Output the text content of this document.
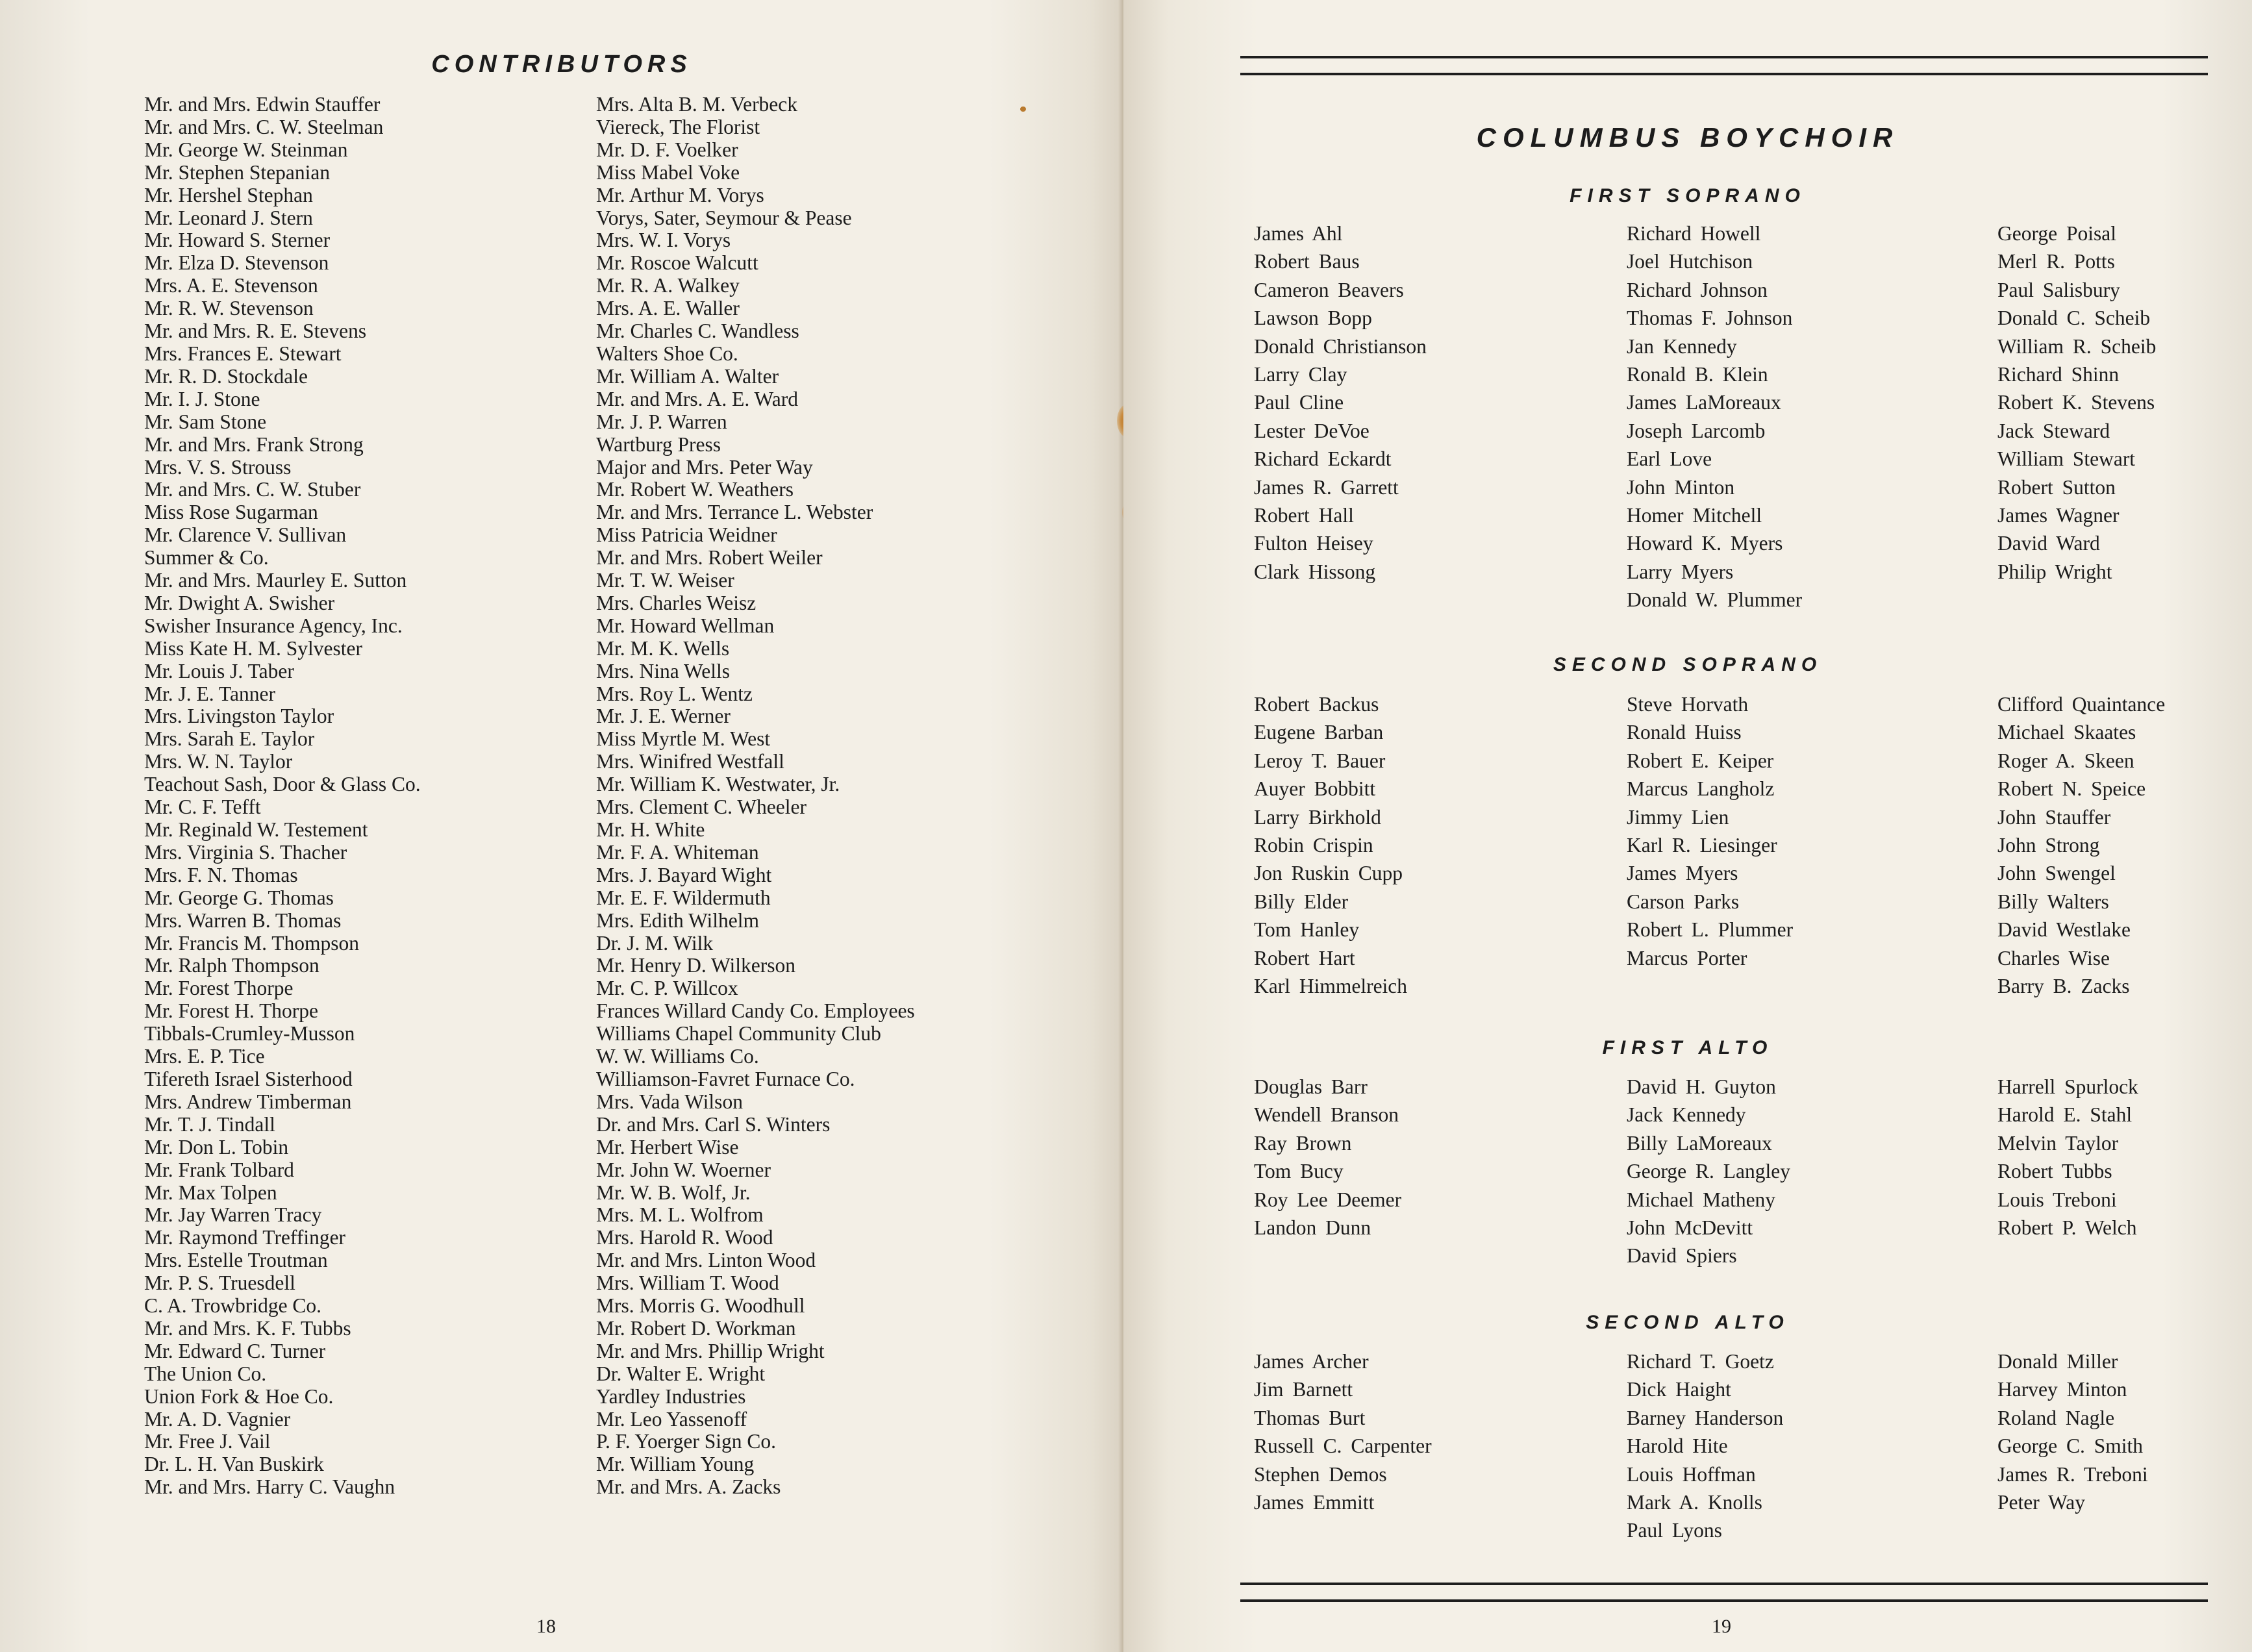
CONTRIBUTORS
Mr. and Mrs. Edwin Stauffer
Mr. and Mrs. C. W. Steelman
Mr. George W. Steinman
Mr. Stephen Stepanian
Mr. Hershel Stephan
Mr. Leonard J. Stern
Mr. Howard S. Sterner
Mr. Elza D. Stevenson
Mrs. A. E. Stevenson
Mr. R. W. Stevenson
Mr. and Mrs. R. E. Stevens
Mrs. Frances E. Stewart
Mr. R. D. Stockdale
Mr. I. J. Stone
Mr. Sam Stone
Mr. and Mrs. Frank Strong
Mrs. V. S. Strouss
Mr. and Mrs. C. W. Stuber
Miss Rose Sugarman
Mr. Clarence V. Sullivan
Summer & Co.
Mr. and Mrs. Maurley E. Sutton
Mr. Dwight A. Swisher
Swisher Insurance Agency, Inc.
Miss Kate H. M. Sylvester
Mr. Louis J. Taber
Mr. J. E. Tanner
Mrs. Livingston Taylor
Mrs. Sarah E. Taylor
Mrs. W. N. Taylor
Teachout Sash, Door & Glass Co.
Mr. C. F. Tefft
Mr. Reginald W. Testement
Mrs. Virginia S. Thacher
Mrs. F. N. Thomas
Mr. George G. Thomas
Mrs. Warren B. Thomas
Mr. Francis M. Thompson
Mr. Ralph Thompson
Mr. Forest Thorpe
Mr. Forest H. Thorpe
Tibbals-Crumley-Musson
Mrs. E. P. Tice
Tifereth Israel Sisterhood
Mrs. Andrew Timberman
Mr. T. J. Tindall
Mr. Don L. Tobin
Mr. Frank Tolbard
Mr. Max Tolpen
Mr. Jay Warren Tracy
Mr. Raymond Treffinger
Mrs. Estelle Troutman
Mr. P. S. Truesdell
C. A. Trowbridge Co.
Mr. and Mrs. K. F. Tubbs
Mr. Edward C. Turner
The Union Co.
Union Fork & Hoe Co.
Mr. A. D. Vagnier
Mr. Free J. Vail
Dr. L. H. Van Buskirk
Mr. and Mrs. Harry C. Vaughn
Mrs. Alta B. M. Verbeck
Viereck, The Florist
Mr. D. F. Voelker
Miss Mabel Voke
Mr. Arthur M. Vorys
Vorys, Sater, Seymour & Pease
Mrs. W. I. Vorys
Mr. Roscoe Walcutt
Mr. R. A. Walkey
Mrs. A. E. Waller
Mr. Charles C. Wandless
Walters Shoe Co.
Mr. William A. Walter
Mr. and Mrs. A. E. Ward
Mr. J. P. Warren
Wartburg Press
Major and Mrs. Peter Way
Mr. Robert W. Weathers
Mr. and Mrs. Terrance L. Webster
Miss Patricia Weidner
Mr. and Mrs. Robert Weiler
Mr. T. W. Weiser
Mrs. Charles Weisz
Mr. Howard Wellman
Mr. M. K. Wells
Mrs. Nina Wells
Mrs. Roy L. Wentz
Mr. J. E. Werner
Miss Myrtle M. West
Mrs. Winifred Westfall
Mr. William K. Westwater, Jr.
Mrs. Clement C. Wheeler
Mr. H. White
Mr. F. A. Whiteman
Mrs. J. Bayard Wight
Mr. E. F. Wildermuth
Mrs. Edith Wilhelm
Dr. J. M. Wilk
Mr. Henry D. Wilkerson
Mr. C. P. Willcox
Frances Willard Candy Co. Employees
Williams Chapel Community Club
W. W. Williams Co.
Williamson-Favret Furnace Co.
Mrs. Vada Wilson
Dr. and Mrs. Carl S. Winters
Mr. Herbert Wise
Mr. John W. Woerner
Mr. W. B. Wolf, Jr.
Mrs. M. L. Wolfrom
Mrs. Harold R. Wood
Mr. and Mrs. Linton Wood
Mrs. William T. Wood
Mrs. Morris G. Woodhull
Mr. Robert D. Workman
Mr. and Mrs. Phillip Wright
Dr. Walter E. Wright
Yardley Industries
Mr. Leo Yassenoff
P. F. Yoerger Sign Co.
Mr. William Young
Mr. and Mrs. A. Zacks
18
COLUMBUS BOYCHOIR
FIRST SOPRANO
James Ahl
Robert Baus
Cameron Beavers
Lawson Bopp
Donald Christianson
Larry Clay
Paul Cline
Lester DeVoe
Richard Eckardt
James R. Garrett
Robert Hall
Fulton Heisey
Clark Hissong
Richard Howell
Joel Hutchison
Richard Johnson
Thomas F. Johnson
Jan Kennedy
Ronald B. Klein
James LaMoreaux
Joseph Larcomb
Earl Love
John Minton
Homer Mitchell
Howard K. Myers
Larry Myers
Donald W. Plummer
George Poisal
Merl R. Potts
Paul Salisbury
Donald C. Scheib
William R. Scheib
Richard Shinn
Robert K. Stevens
Jack Steward
William Stewart
Robert Sutton
James Wagner
David Ward
Philip Wright
SECOND SOPRANO
Robert Backus
Eugene Barban
Leroy T. Bauer
Auyer Bobbitt
Larry Birkhold
Robin Crispin
Jon Ruskin Cupp
Billy Elder
Tom Hanley
Robert Hart
Karl Himmelreich
Steve Horvath
Ronald Huiss
Robert E. Keiper
Marcus Langholz
Jimmy Lien
Karl R. Liesinger
James Myers
Carson Parks
Robert L. Plummer
Marcus Porter
Clifford Quaintance
Michael Skaates
Roger A. Skeen
Robert N. Speice
John Stauffer
John Strong
John Swengel
Billy Walters
David Westlake
Charles Wise
Barry B. Zacks
FIRST ALTO
Douglas Barr
Wendell Branson
Ray Brown
Tom Bucy
Roy Lee Deemer
Landon Dunn
David H. Guyton
Jack Kennedy
Billy LaMoreaux
George R. Langley
Michael Matheny
John McDevitt
David Spiers
Harrell Spurlock
Harold E. Stahl
Melvin Taylor
Robert Tubbs
Louis Treboni
Robert P. Welch
SECOND ALTO
James Archer
Jim Barnett
Thomas Burt
Russell C. Carpenter
Stephen Demos
James Emmitt
Richard T. Goetz
Dick Haight
Barney Handerson
Harold Hite
Louis Hoffman
Mark A. Knolls
Paul Lyons
Donald Miller
Harvey Minton
Roland Nagle
George C. Smith
James R. Treboni
Peter Way
19
